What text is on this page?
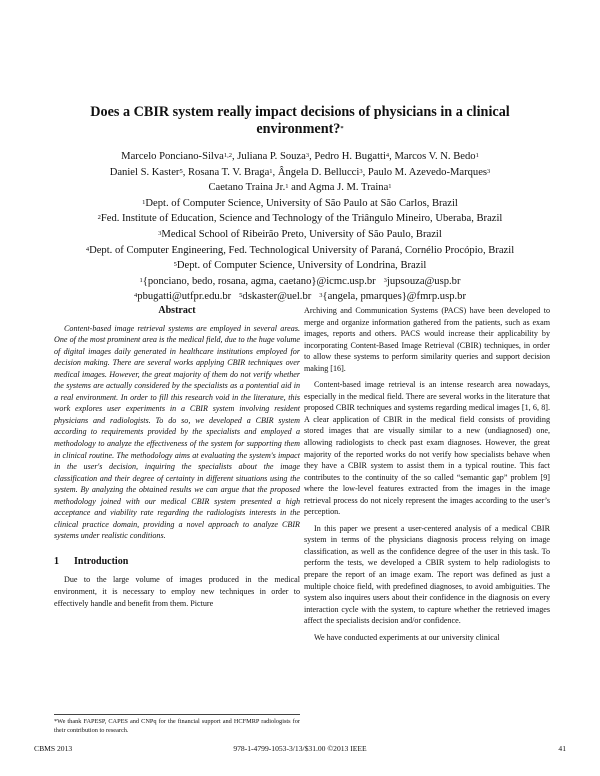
Does a CBIR system really impact decisions of physicians in a clinical
environment?*
Marcelo Ponciano-Silva$^{1,2}$, Juliana P. Souza$^3$, Pedro H. Bugatti$^4$, Marcos V. N. Bedo$^1$
Daniel S. Kaster$^5$, Rosana T. V. Braga$^1$, Ângela D. Bellucci$^3$, Paulo M. Azevedo-Marques$^3$
Caetano Traina Jr.$^1$ and Agma J. M. Traina$^1$
$^1$Dept. of Computer Science, University of São Paulo at São Carlos, Brazil
$^2$Fed. Institute of Education, Science and Technology of the Triângulo Mineiro, Uberaba, Brazil
$^3$Medical School of Ribeirão Preto, University of São Paulo, Brazil
$^4$Dept. of Computer Engineering, Fed. Technological University of Paraná, Cornélio Procópio, Brazil
$^5$Dept. of Computer Science, University of Londrina, Brazil
$^1${ponciano, bedo, rosana, agma, caetano}@icmc.usp.br $^3$jupsouza@usp.br
$^4$pbugatti@utfpr.edu.br $^5$dskaster@uel.br $^3${angela, pmarques}@fmrp.usp.br
Abstract

Content-based image retrieval systems are employed in several areas. One of the most prominent area is the medical field, due to the huge volume of digital images daily generated in healthcare institutions employed for decision making. There are several works applying CBIR techniques over medical images. However, the great majority of them do not verify whether the systems are actually considered by the specialists as a pontential aid in a real environment. In order to fill this research void in the literature, this work explores user experiments in a CBIR system involving resident physicians and radiologists. To do so, we developed a CBIR system according to requirements provided by the specialists and employed a methodology to analyze the effectiveness of the system for supporting them in clinical routine. The methodology aims at evaluating the system's impact in the user's decision, inquiring the specialists about the image classification and their degree of certainty in different situations using the system. By analyzing the obtained results we can argue that the proposed methodology joined with our medical CBIR system presented a high acceptance and viability rate regarding the radiologists interests in the clinical practice domain, providing a novel approach to analyze CBIR systems under realistic conditions.

1 Introduction

Due to the large volume of images produced in the medical environment, it is necessary to employ new techniques in order to effectively handle and benefit from them. Picture

*We thank FAPESP, CAPES and CNPq for the financial support and HCFMRP radiologists for their contribution to research.

Archiving and Communication Systems (PACS) have been developed to merge and organize information gathered from the patients, such as exam images, reports and others. PACS would increase their applicability by incorporating Content-Based Image Retrieval (CBIR) techniques, in order to allow these systems to perform similarity queries and support decision making [16].

Content-based image retrieval is an intense research area nowadays, especially in the medical field. There are several works in the literature that proposed CBIR techniques and systems regarding medical images [1, 6, 8]. A clear application of CBIR in the medical field consists of providing stored images that are visually similar to a new (undiagnosed) one, allowing radiologists to check past exam diagnoses. However, the great majority of the reported works do not verify how specialists behave when they have a CBIR system to assist them in a typical routine. This fact contributes to the continuity of the so called “semantic gap” problem [9] where the low-level features extracted from the images in the image retrieval process do not nicely represent the images according to the user’s perception.

In this paper we present a user-centered analysis of a medical CBIR system in terms of the physicians diagnosis process relying on image classification, as well as the confidence degree of the user in this task. To perform the tests, we developed a CBIR system to help radiologists to prepare the report of an image exam. The report was defined as just a multiple choice field, with predefined diagnoses, to avoid ambiguities. The system also inquires users about their confidence in the diagnosis on every interaction cycle with the system, to capture whether the retrieved images affect the specialists decision and/or confidence.

We have conducted experiments at our university clinical

CBMS 2013	978-1-4799-1053-3/13/$31.00 ©2013 IEEE	41
